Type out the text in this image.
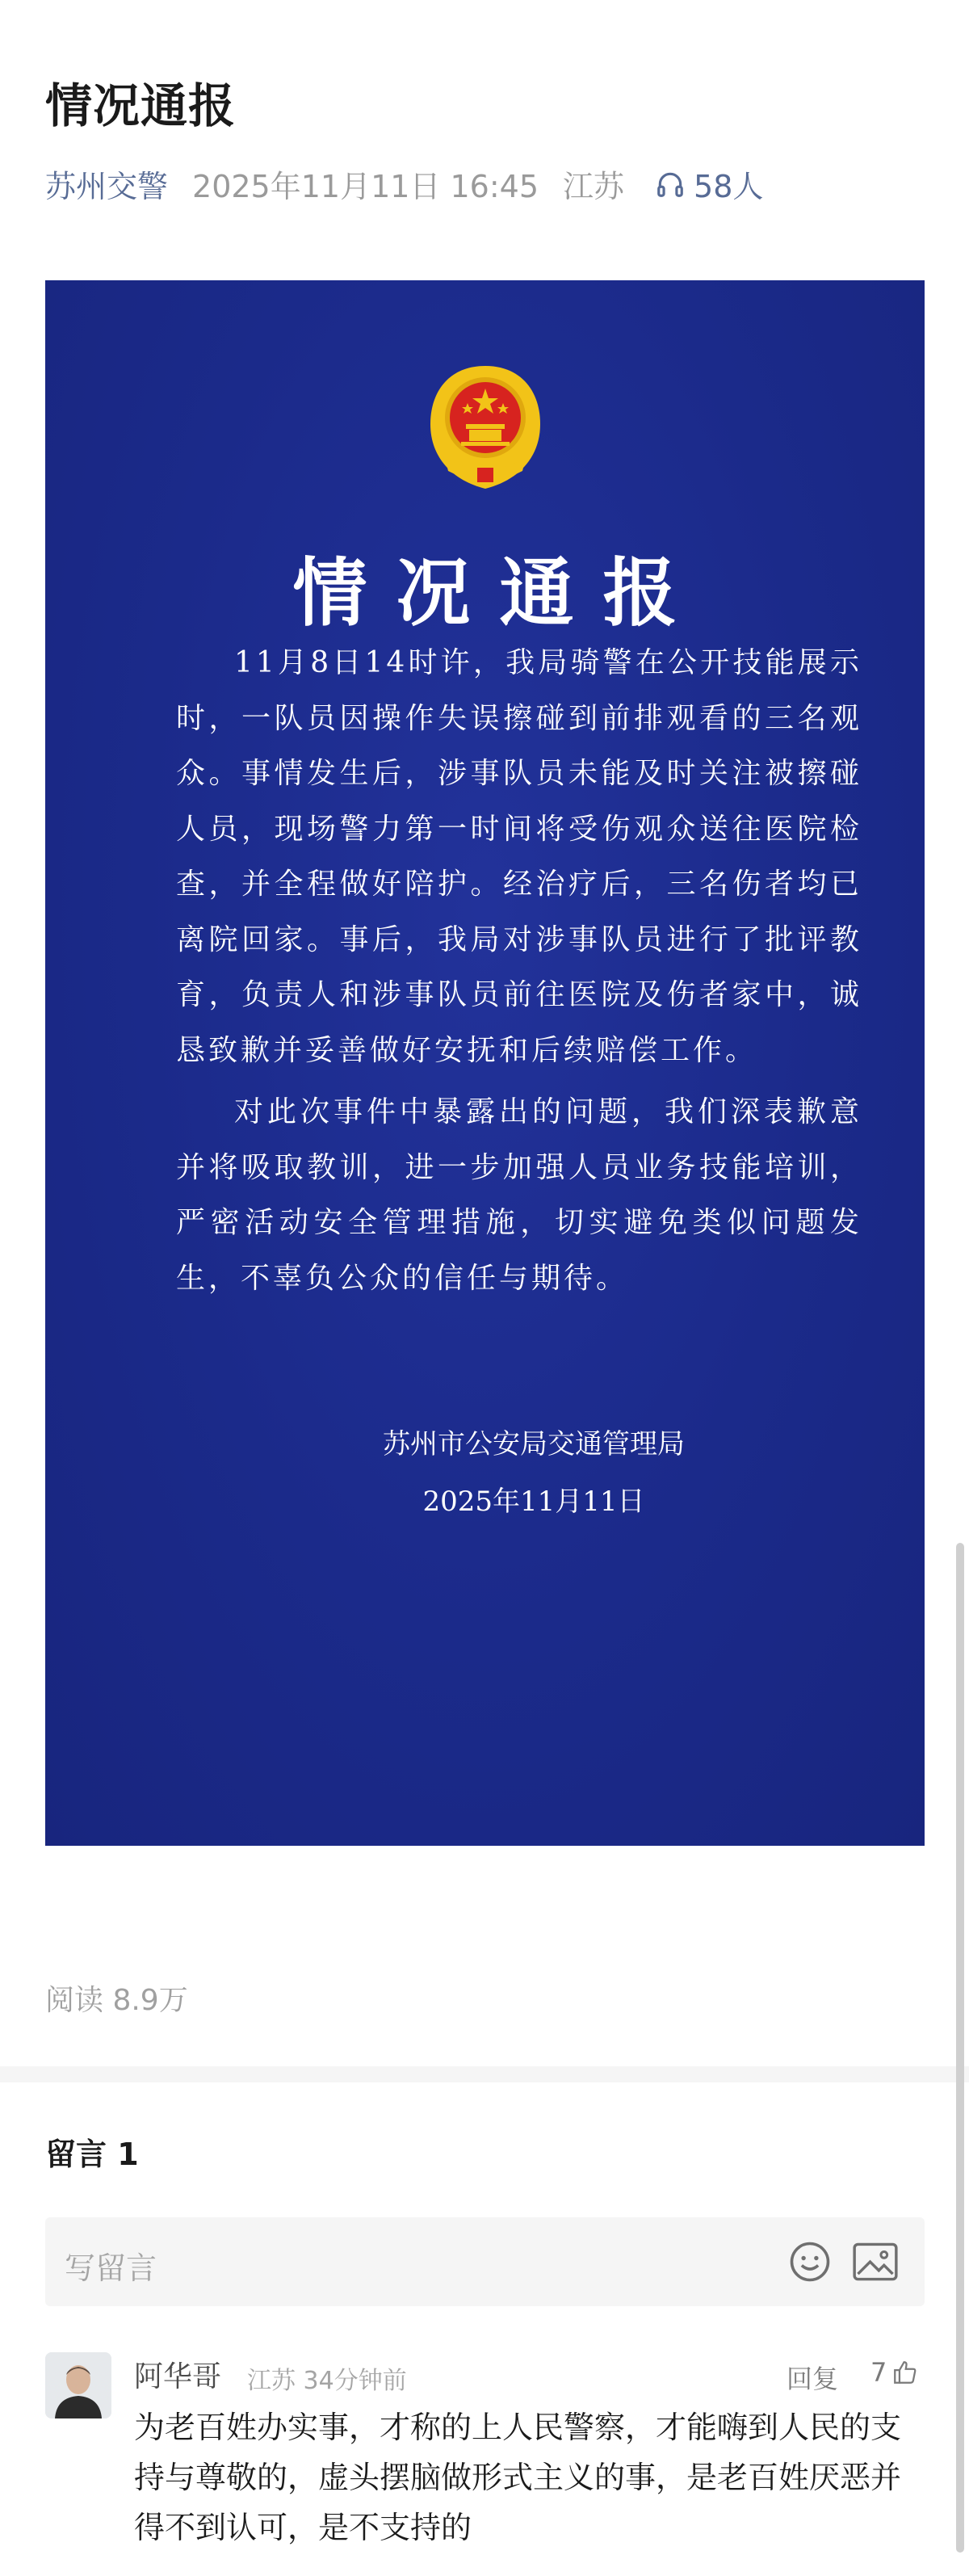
情况通报
苏州交警 2025年11月11日 16:45 江苏 58人
情况通报

11月8日14时许，我局骑警在公开技能展示时，一队员因操作失误擦碰到前排观看的三名观众。事情发生后，涉事队员未能及时关注被擦碰人员，现场警力第一时间将受伤观众送往医院检查，并全程做好陪护。经治疗后，三名伤者均已离院回家。事后，我局对涉事队员进行了批评教育，负责人和涉事队员前往医院及伤者家中，诚恳致歉并妥善做好安抚和后续赔偿工作。

对此次事件中暴露出的问题，我们深表歉意并将吸取教训，进一步加强人员业务技能培训，严密活动安全管理措施，切实避免类似问题发生，不辜负公众的信任与期待。

苏州市公安局交通管理局
2025年11月11日
阅读 8.9万
留言 1
写留言
阿华哥 江苏 34分钟前	回复 7
为老百姓办实事，才称的上人民警察，才能嗨到人民的支持与尊敬的，虚头摆脑做形式主义的事，是老百姓厌恶并得不到认可，是不支持的
